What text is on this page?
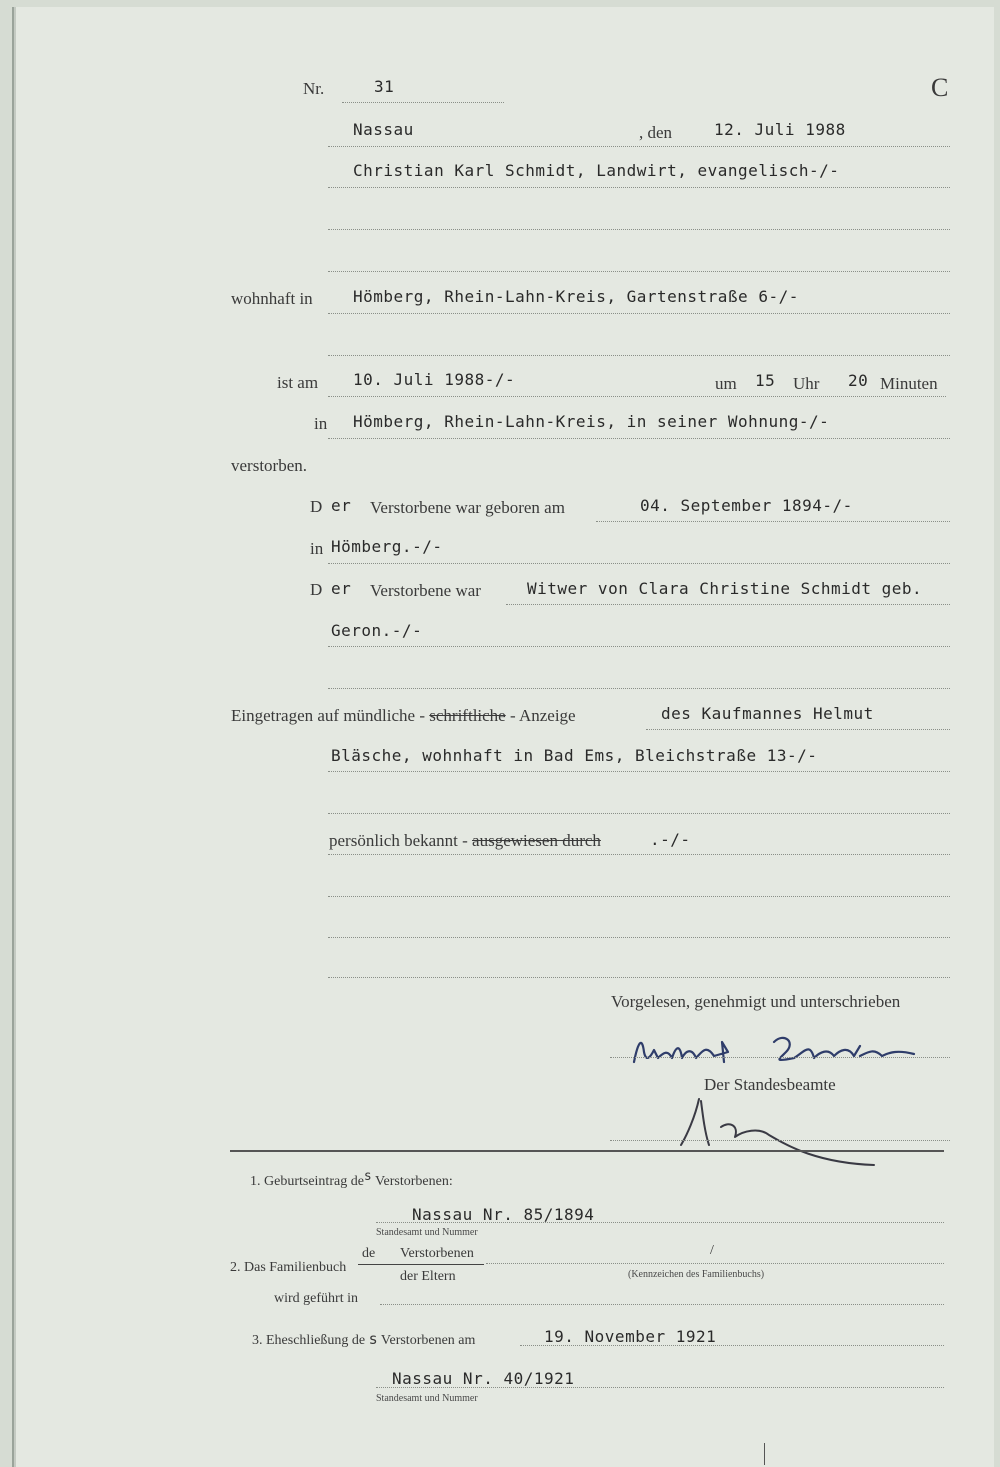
Nr.	31	C
Nassau	, den	12. Juli 1988
Christian Karl Schmidt, Landwirt, evangelisch-/-
wohnhaft in	Hömberg, Rhein-Lahn-Kreis, Gartenstraße 6-/-
ist am 10. Juli 1988-/-	um 15 Uhr 20 Minuten
in Hömberg, Rhein-Lahn-Kreis, in seiner Wohnung-/-
verstorben.
D er Verstorbene war geboren am	04. September 1894-/-
in Hömberg.-/-
D er Verstorbene war	Witwer von Clara Christine Schmidt geb.
Geron.-/-
Eingetragen auf mündliche - schriftliche - Anzeige	des Kaufmannes Helmut
Bläsche, wohnhaft in Bad Ems, Bleichstraße 13-/-
persönlich bekannt - ausgewiesen durch	.-/-
Vorgelesen, genehmigt und unterschrieben
Der Standesbeamte
1. Geburtseintrag des Verstorbenen:
Nassau Nr. 85/1894
Standesamt und Nummer
2. Das Familienbuch
de Verstorbenen
der Eltern
/
(Kennzeichen des Familienbuchs)
wird geführt in
3. Eheschließung de s Verstorbenen am	19. November 1921
Nassau Nr. 40/1921
Standesamt und Nummer
